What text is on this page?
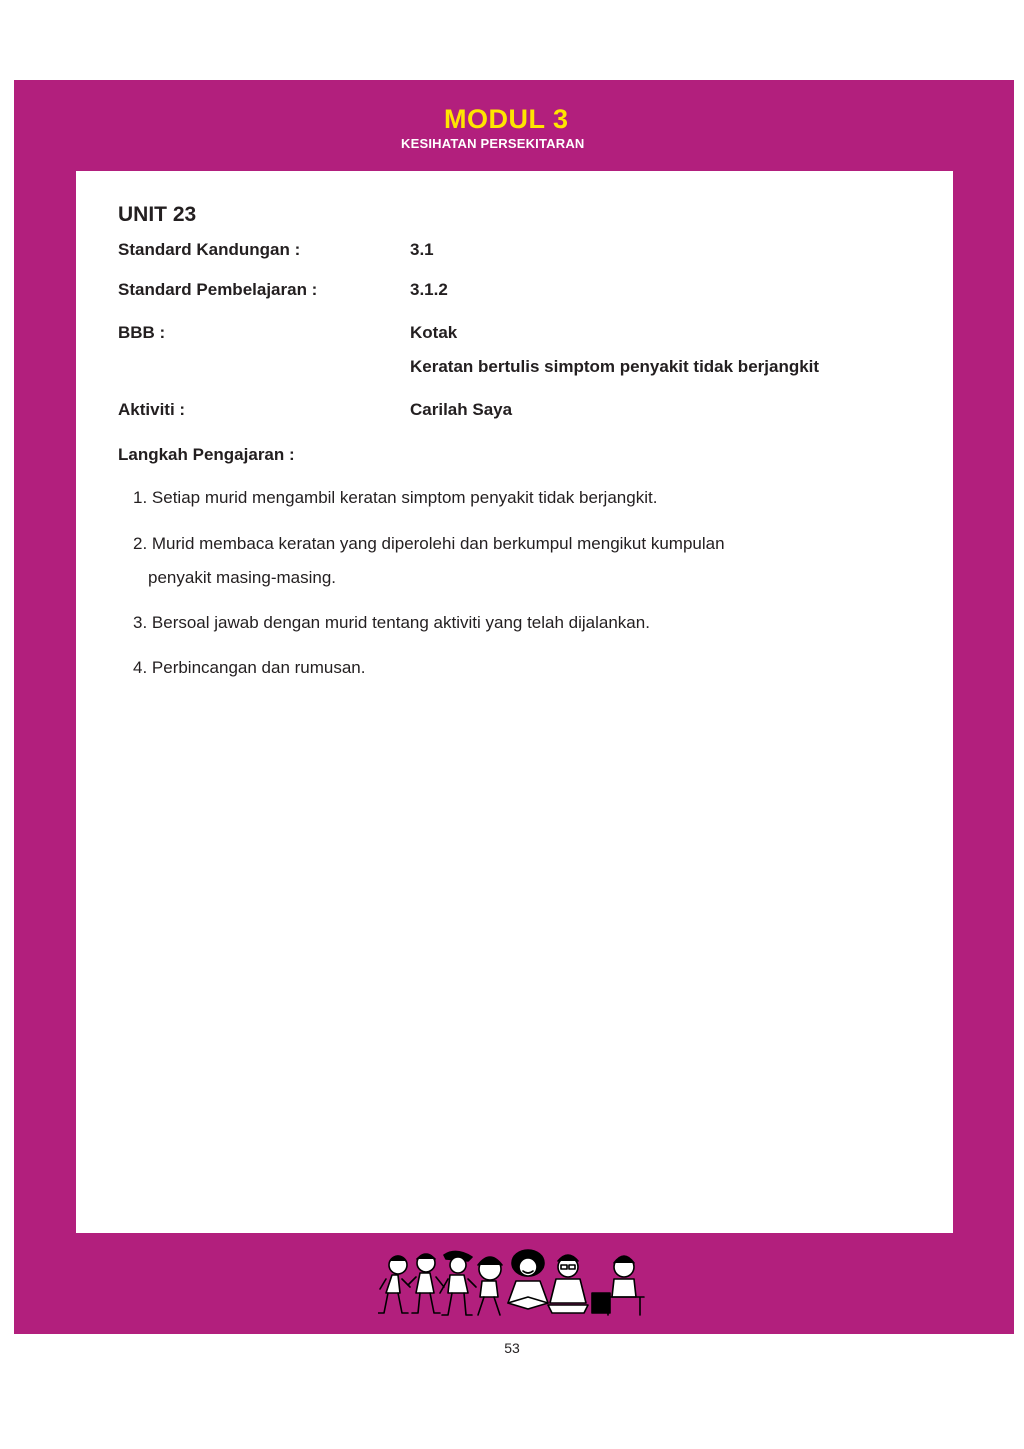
MODUL 3
KESIHATAN PERSEKITARAN
UNIT 23
Standard Kandungan :	3.1
Standard Pembelajaran :	3.1.2
BBB :	Kotak
Keratan bertulis simptom penyakit tidak berjangkit
Aktiviti :	Carilah Saya
Langkah Pengajaran :
1. Setiap murid mengambil keratan simptom penyakit tidak berjangkit.
2. Murid membaca keratan yang diperolehi dan berkumpul mengikut kumpulan
penyakit masing-masing.
3. Bersoal jawab dengan murid tentang aktiviti yang telah dijalankan.
4. Perbincangan dan rumusan.
53
